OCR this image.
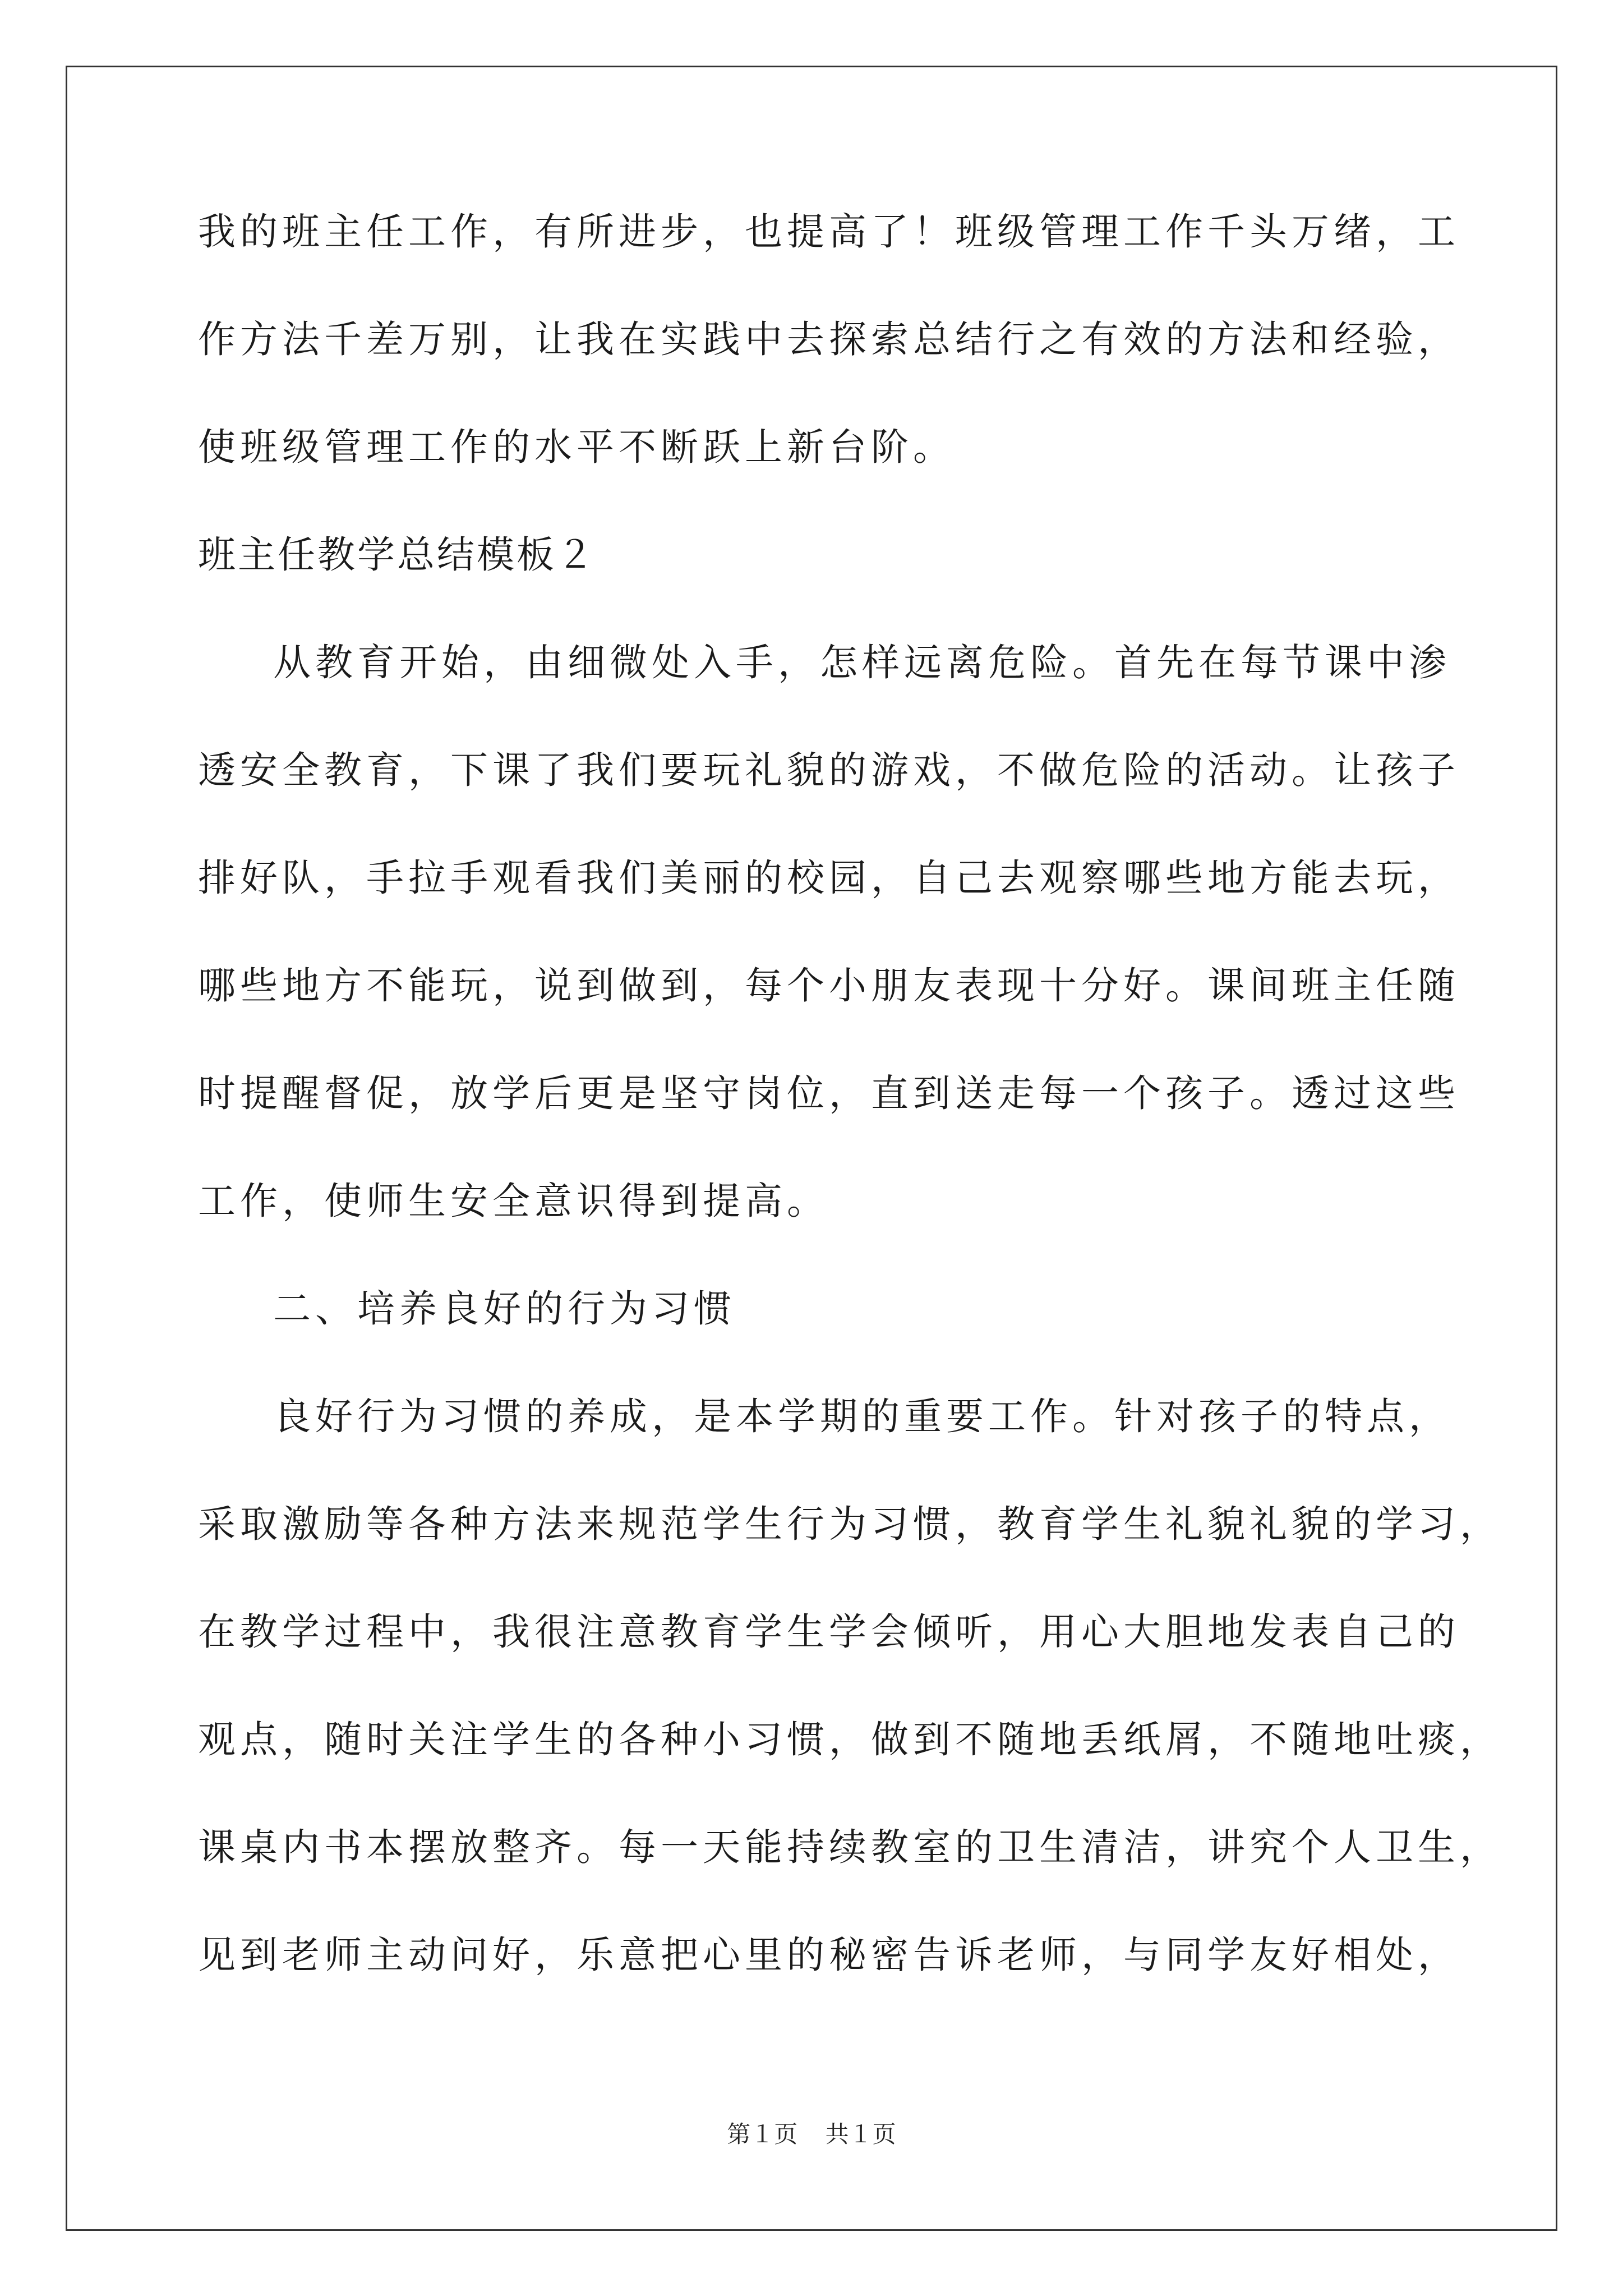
我的班主任工作，有所进步，也提高了！班级管理工作千头万绪，工
作方法千差万别，让我在实践中去探索总结行之有效的方法和经验，
使班级管理工作的水平不断跃上新台阶。
班主任教学总结模板２
从教育开始，由细微处入手，怎样远离危险。首先在每节课中渗
透安全教育，下课了我们要玩礼貌的游戏，不做危险的活动。让孩子
排好队，手拉手观看我们美丽的校园，自己去观察哪些地方能去玩，
哪些地方不能玩，说到做到，每个小朋友表现十分好。课间班主任随
时提醒督促，放学后更是坚守岗位，直到送走每一个孩子。透过这些
工作，使师生安全意识得到提高。
二、培养良好的行为习惯
良好行为习惯的养成，是本学期的重要工作。针对孩子的特点，
采取激励等各种方法来规范学生行为习惯，教育学生礼貌礼貌的学习，
在教学过程中，我很注意教育学生学会倾听，用心大胆地发表自己的
观点，随时关注学生的各种小习惯，做到不随地丢纸屑，不随地吐痰，
课桌内书本摆放整齐。每一天能持续教室的卫生清洁，讲究个人卫生，
见到老师主动问好，乐意把心里的秘密告诉老师，与同学友好相处，
第１页 共１页
